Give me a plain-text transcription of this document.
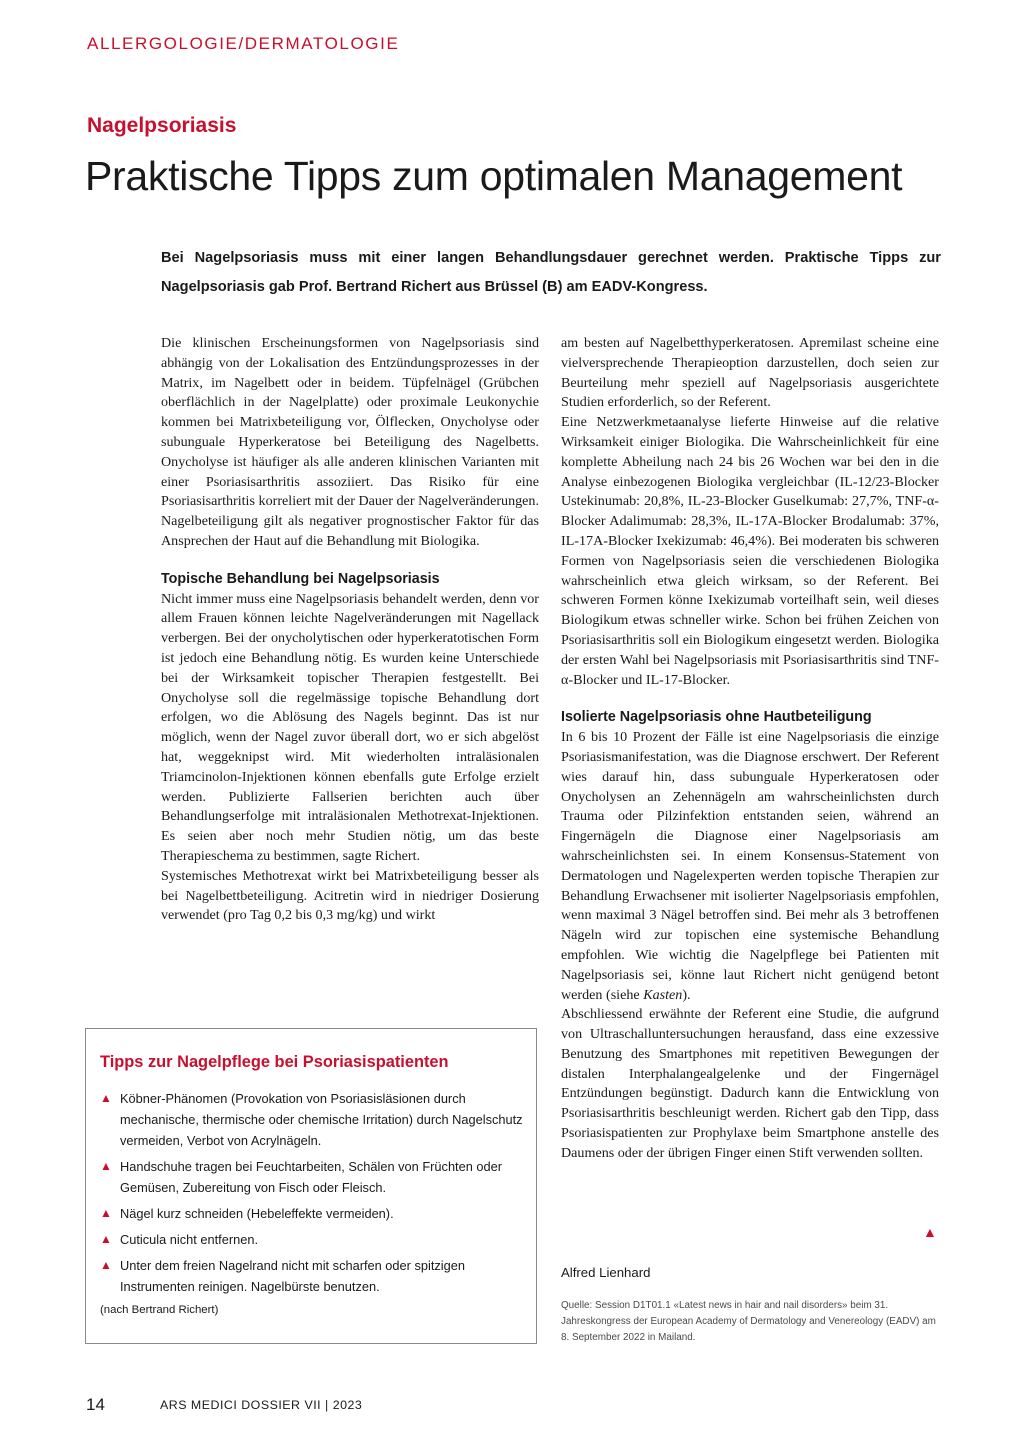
ALLERGOLOGIE/DERMATOLOGIE
Nagelpsoriasis
Praktische Tipps zum optimalen Management
Bei Nagelpsoriasis muss mit einer langen Behandlungsdauer gerechnet werden. Praktische Tipps zur Nagelpsoriasis gab Prof. Bertrand Richert aus Brüssel (B) am EADV-Kongress.

Die klinischen Erscheinungsformen von Nagelpsoriasis sind abhängig von der Lokalisation des Entzündungsprozesses in der Matrix, im Nagelbett oder in beidem. Tüpfelnägel (Grübchen oberflächlich in der Nagelplatte) oder proximale Leukonychie kommen bei Matrixbeteiligung vor, Ölflecken, Onycholyse oder subunguale Hyperkeratose bei Beteiligung des Nagelbetts. Onycholyse ist häufiger als alle anderen klinischen Varianten mit einer Psoriasisarthritis assoziiert. Das Risiko für eine Psoriasisarthritis korreliert mit der Dauer der Nagelveränderungen. Nagelbeteiligung gilt als negativer prognostischer Faktor für das Ansprechen der Haut auf die Behandlung mit Biologika.

Topische Behandlung bei Nagelpsoriasis

Nicht immer muss eine Nagelpsoriasis behandelt werden, denn vor allem Frauen können leichte Nagelveränderungen mit Nagellack verbergen. Bei der onycholytischen oder hyperkeratotischen Form ist jedoch eine Behandlung nötig. Es wurden keine Unterschiede bei der Wirksamkeit topischer Therapien festgestellt. Bei Onycholyse soll die regelmässige topische Behandlung dort erfolgen, wo die Ablösung des Nagels beginnt. Das ist nur möglich, wenn der Nagel zuvor überall dort, wo er sich abgelöst hat, weggeknipst wird. Mit wiederholten intraläsionalen Triamcinolon-Injektionen können ebenfalls gute Erfolge erzielt werden. Publizierte Fallserien berichten auch über Behandlungserfolge mit intraläsionalen Methotrexat-Injektionen. Es seien aber noch mehr Studien nötig, um das beste Therapieschema zu bestimmen, sagte Richert.

Systemisches Methotrexat wirkt bei Matrixbeteiligung besser als bei Nagelbettbeteiligung. Acitretin wird in niedriger Dosierung verwendet (pro Tag 0,2 bis 0,3 mg/kg) und wirkt

am besten auf Nagelbetthyperkeratosen. Apremilast scheine eine vielversprechende Therapieoption darzustellen, doch seien zur Beurteilung mehr speziell auf Nagelpsoriasis ausgerichtete Studien erforderlich, so der Referent.

Eine Netzwerkmetaanalyse lieferte Hinweise auf die relative Wirksamkeit einiger Biologika. Die Wahrscheinlichkeit für eine komplette Abheilung nach 24 bis 26 Wochen war bei den in die Analyse einbezogenen Biologika vergleichbar (IL-12/23-Blocker Ustekinumab: 20,8%, IL-23-Blocker Guselkumab: 27,7%, TNF-α-Blocker Adalimumab: 28,3%, IL-17A-Blocker Brodalumab: 37%, IL-17A-Blocker Ixekizumab: 46,4%). Bei moderaten bis schweren Formen von Nagelpsoriasis seien die verschiedenen Biologika wahrscheinlich etwa gleich wirksam, so der Referent. Bei schweren Formen könne Ixekizumab vorteilhaft sein, weil dieses Biologikum etwas schneller wirke. Schon bei frühen Zeichen von Psoriasisarthritis soll ein Biologikum eingesetzt werden. Biologika der ersten Wahl bei Nagelpsoriasis mit Psoriasisarthritis sind TNF-α-Blocker und IL-17-Blocker.

Isolierte Nagelpsoriasis ohne Hautbeteiligung

In 6 bis 10 Prozent der Fälle ist eine Nagelpsoriasis die einzige Psoriasismanifestation, was die Diagnose erschwert. Der Referent wies darauf hin, dass subunguale Hyperkeratosen oder Onycholysen an Zehennägeln am wahrscheinlichsten durch Trauma oder Pilzinfektion entstanden seien, während an Fingernägeln die Diagnose einer Nagelpsoriasis am wahrscheinlichsten sei. In einem Konsensus-Statement von Dermatologen und Nagelexperten werden topische Therapien zur Behandlung Erwachsener mit isolierter Nagelpsoriasis empfohlen, wenn maximal 3 Nägel betroffen sind. Bei mehr als 3 betroffenen Nägeln wird zur topischen eine systemische Behandlung empfohlen. Wie wichtig die Nagelpflege bei Patienten mit Nagelpsoriasis sei, könne laut Richert nicht genügend betont werden (siehe Kasten).

Abschliessend erwähnte der Referent eine Studie, die aufgrund von Ultraschalluntersuchungen herausfand, dass eine exzessive Benutzung des Smartphones mit repetitiven Bewegungen der distalen Interphalangealgelenke und der Fingernägel Entzündungen begünstigt. Dadurch kann die Entwicklung von Psoriasisarthritis beschleunigt werden. Richert gab den Tipp, dass Psoriasispatienten zur Prophylaxe beim Smartphone anstelle des Daumens oder der übrigen Finger einen Stift verwenden sollten.

▲
Alfred Lienhard
Quelle: Session D1T01.1 «Latest news in hair and nail disorders» beim 31. Jahreskongress der European Academy of Dermatology and Venereology (EADV) am 8. September 2022 in Mailand.
Tipps zur Nagelpflege bei Psoriasispatienten
▲ Köbner-Phänomen (Provokation von Psoriasisläsionen durch mechanische, thermische oder chemische Irritation) durch Nagelschutz vermeiden, Verbot von Acrylnägeln.
▲ Handschuhe tragen bei Feuchtarbeiten, Schälen von Früchten oder Gemüsen, Zubereitung von Fisch oder Fleisch.
▲ Nägel kurz schneiden (Hebeleffekte vermeiden).
▲ Cuticula nicht entfernen.
▲ Unter dem freien Nagelrand nicht mit scharfen oder spitzigen Instrumenten reinigen. Nagelbürste benutzen.
(nach Bertrand Richert)
14	ARS MEDICI DOSSIER VII | 2023
